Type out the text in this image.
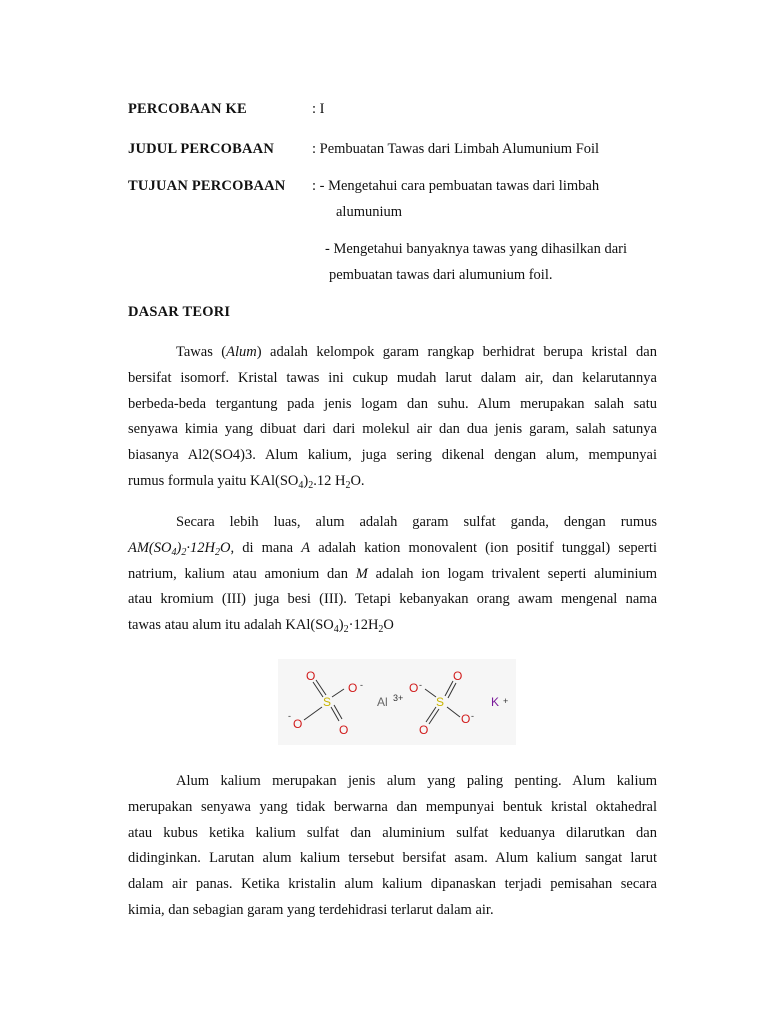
PERCOBAAN KE	: I
JUDUL PERCOBAAN	: Pembuatan Tawas dari Limbah Alumunium Foil
TUJUAN PERCOBAAN : - Mengetahui cara pembuatan tawas dari limbah
alumunium
- Mengetahui banyaknya tawas yang dihasilkan dari
pembuatan tawas dari alumunium foil.
DASAR TEORI
Tawas (Alum) adalah kelompok garam rangkap berhidrat berupa kristal dan
bersifat isomorf. Kristal tawas ini cukup mudah larut dalam air, dan kelarutannya
berbeda-beda tergantung pada jenis logam dan suhu. Alum merupakan salah satu
senyawa kimia yang dibuat dari dari molekul air dan dua jenis garam, salah satunya
biasanya Al2(SO4)3. Alum kalium, juga sering dikenal dengan alum, mempunyai
rumus formula yaitu $KAl(SO_4)_2.12$ $H_2O$.
Secara lebih luas, alum adalah garam sulfat ganda, dengan rumus
$AM(SO_4)_2\cdot 12H_2O$, di mana A adalah kation monovalent (ion positif tunggal) seperti
natrium, kalium atau amonium dan M adalah ion logam trivalent seperti aluminium
atau kromium (III) juga besi (III). Tetapi kebanyakan orang awam mengenal nama
tawas atau alum itu adalah $KAl(SO_4)_2\cdot 12H_2O$
O
O -
S
-
O	O
Al 3+
O -
O
S
O -
O
K +
Alum kalium merupakan jenis alum yang paling penting. Alum kalium
merupakan senyawa yang tidak berwarna dan mempunyai bentuk kristal oktahedral
atau kubus ketika kalium sulfat dan aluminium sulfat keduanya dilarutkan dan
didinginkan. Larutan alum kalium tersebut bersifat asam. Alum kalium sangat larut
dalam air panas. Ketika kristalin alum kalium dipanaskan terjadi pemisahan secara
kimia, dan sebagian garam yang terdehidrasi terlarut dalam air.
